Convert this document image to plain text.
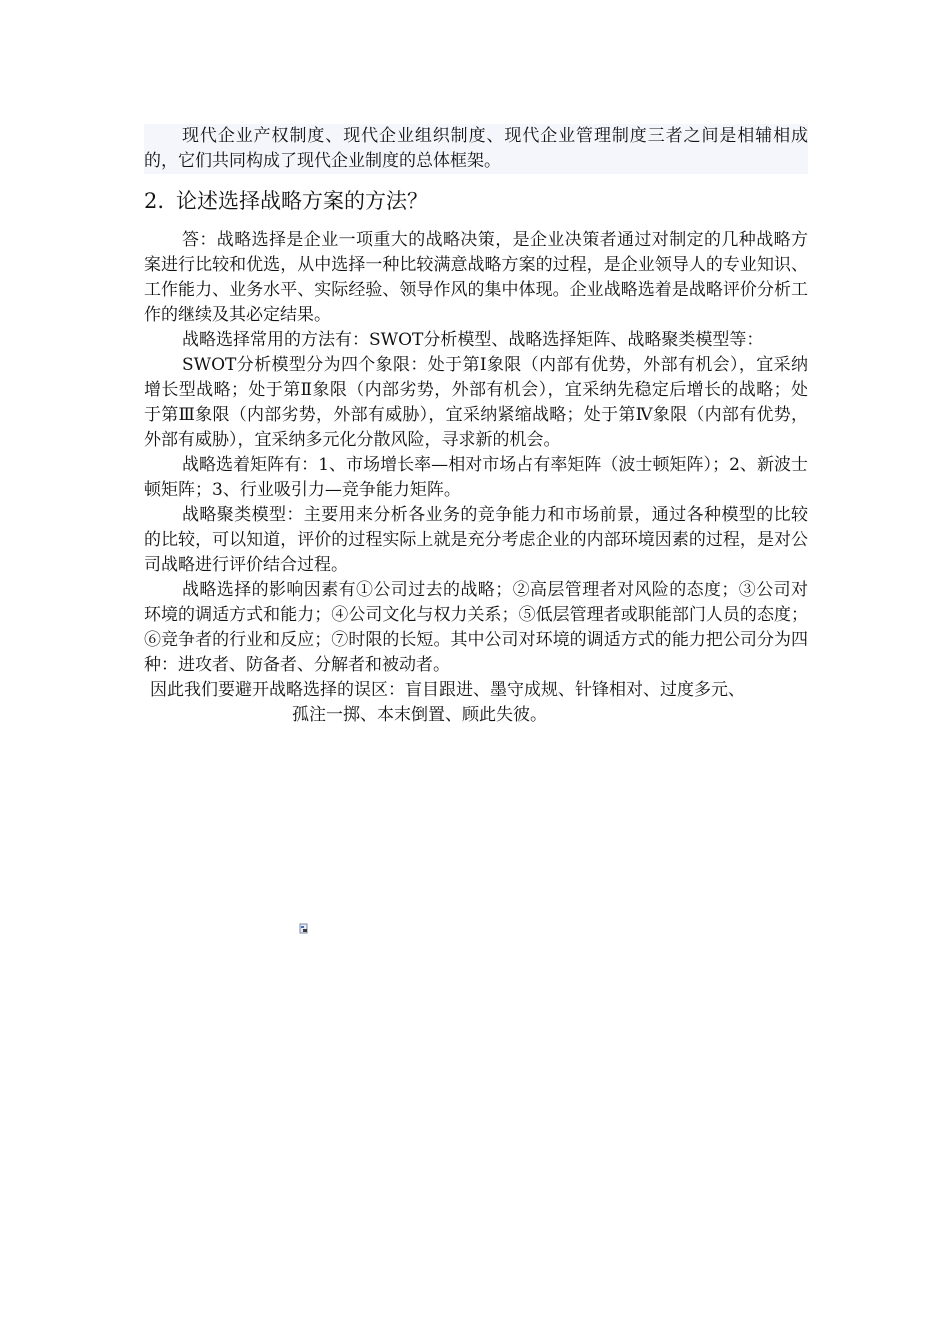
现代企业产权制度、现代企业组织制度、现代企业管理制度三者之间是相辅相成的，它们共同构成了现代企业制度的总体框架。

2. 论述选择战略方案的方法？

答：战略选择是企业一项重大的战略决策，是企业决策者通过对制定的几种战略方案进行比较和优选，从中选择一种比较满意战略方案的过程，是企业领导人的专业知识、工作能力、业务水平、实际经验、领导作风的集中体现。企业战略选着是战略评价分析工作的继续及其必定结果。

战略选择常用的方法有：SWOT分析模型、战略选择矩阵、战略聚类模型等：

SWOT分析模型分为四个象限：处于第Ⅰ象限（内部有优势，外部有机会），宜采纳增长型战略；处于第Ⅱ象限（内部劣势，外部有机会），宜采纳先稳定后增长的战略；处于第Ⅲ象限（内部劣势，外部有威胁），宜采纳紧缩战略；处于第Ⅳ象限（内部有优势，外部有威胁），宜采纳多元化分散风险，寻求新的机会。

战略选着矩阵有：1、市场增长率—相对市场占有率矩阵（波士顿矩阵）；2、新波士顿矩阵；3、行业吸引力—竞争能力矩阵。

战略聚类模型：主要用来分析各业务的竞争能力和市场前景，通过各种模型的比较的比较，可以知道，评价的过程实际上就是充分考虑企业的内部环境因素的过程，是对公司战略进行评价结合过程。

战略选择的影响因素有①公司过去的战略；②高层管理者对风险的态度；③公司对环境的调适方式和能力；④公司文化与权力关系；⑤低层管理者或职能部门人员的态度；⑥竞争者的行业和反应；⑦时限的长短。其中公司对环境的调适方式的能力把公司分为四种：进攻者、防备者、分解者和被动者。

因此我们要避开战略选择的误区：盲目跟进、墨守成规、针锋相对、过度多元、

孤注一掷、本末倒置、顾此失彼。
